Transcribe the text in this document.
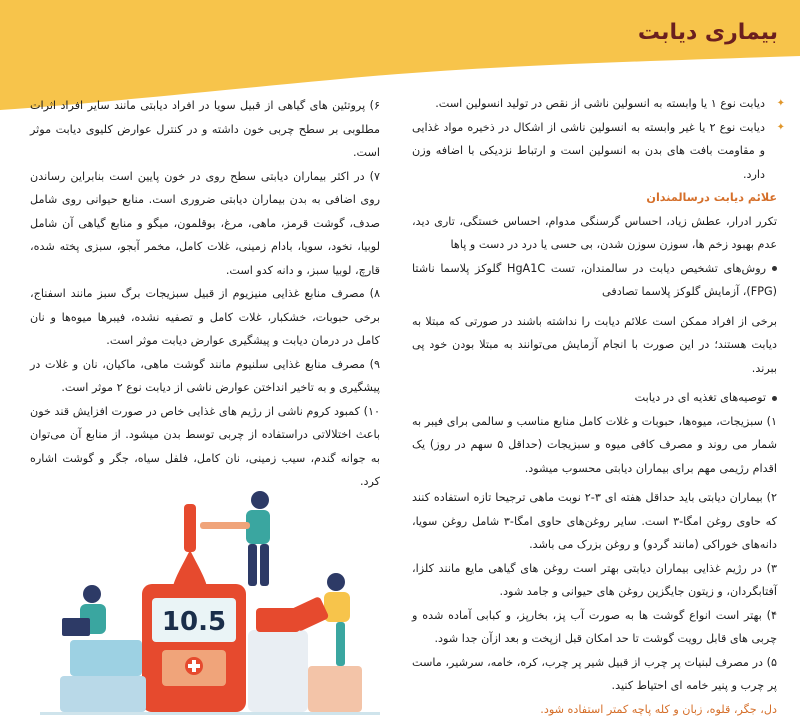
بیماری دیابت

✦
دیابت نوع ۱ یا وابسته به انسولین ناشی از نقص در تولید انسولین است.

✦
دیابت نوع ۲ یا غیر وابسته به انسولین ناشی از اشکال در ذخیره مواد غذایی و مقاومت بافت های بدن به انسولین است و ارتباط نزدیکی با اضافه وزن دارد.

علائم دیابت درسالمندان

تکرر ادرار، عطش زیاد، احساس گرسنگی مدوام، احساس خستگی، تاری دید، عدم بهبود زخم ها، سوزن سوزن شدن، بی حسی یا درد در دست و پاها

روش‌های تشخیص دیابت در سالمندان، تست HgA1C گلوکز پلاسما ناشتا (FPG)، آزمایش گلوکز پلاسما تصادفی

برخی از افراد ممکن است علائم دیابت را نداشته باشند در صورتی که مبتلا به دیابت هستند؛ در این صورت با انجام آزمایش می‌توانند به مبتلا بودن خود پی ببرند.

توصیه‌های تغذیه ای در دیابت

۱) سبزیجات، میوه‌ها، حبوبات و غلات کامل منابع مناسب و سالمی برای فیبر به شمار می روند و مصرف کافی میوه و سبزیجات (حداقل ۵ سهم در روز) یک اقدام رژیمی مهم برای بیماران دیابتی محسوب میشود.

۲) بیماران دیابتی باید حداقل هفته ای ۳-۲ نوبت ماهی ترجیحا تازه استفاده کنند که حاوی روغن امگا-۳ است. سایر روغن‌های حاوی امگا-۳ شامل روغن سویا، دانه‌های خوراکی (مانند گردو) و روغن بزرک می باشد.

۳) در رژیم غذایی بیماران دیابتی بهتر است روغن های گیاهی مایع مانند کلزا، آفتابگردان، و زیتون جایگزین روغن های حیوانی و جامد شود.

۴) بهتر است انواع گوشت ها به صورت آب پز، بخارپز، و کبابی آماده شده و چربی های قابل رویت گوشت تا حد امکان قبل ازپخت و بعد ازآن جدا شود.

۵) در مصرف لبنیات پر چرب از قبیل شیر پر چرب، کره، خامه، سرشیر، ماست پر چرب و پنیر خامه ای احتیاط کنید.

دل، جگر، قلوه، زبان و کله پاچه کمتر استفاده شود.

۶) پروتئین های گیاهی از قبیل سویا در افراد دیابتی مانند سایر افراد اثرات مطلوبی بر سطح چربی خون داشته و در کنترل عوارض کلیوی دیابت موثر است.

۷) در اکثر بیماران دیابتی سطح روی در خون پایین است بنابراین رساندن روی اضافی به بدن بیماران دیابتی ضروری است. منابع حیوانی روی شامل صدف، گوشت قرمز، ماهی، مرغ، بوقلمون، میگو و منابع گیاهی آن شامل لوبیا، نخود، سویا، بادام زمینی، غلات کامل، مخمر آبجو، سبزی پخته شده، قارچ، لوبیا سبز، و دانه کدو است.

۸) مصرف منابع غذایی منیزیوم از قبیل سبزیجات برگ سبز مانند اسفناج، برخی حبوبات، خشکبار، غلات کامل و تصفیه نشده، فیبرها میوه‌ها و نان کامل در درمان دیابت و پیشگیری عوارض دیابت موثر است.

۹) مصرف منابع غذایی سلنیوم مانند گوشت ماهی، ماکیان، نان و غلات در پیشگیری و به تاخیر انداختن عوارض ناشی از دیابت نوع ۲ موثر است.

۱۰) کمبود کروم ناشی از رژیم های غذایی خاص در صورت افزایش قند خون باعث اختلالاتی دراستفاده از چربی توسط بدن میشود. از منابع آن می‌توان به جوانه گندم، سیب زمینی، نان کامل، فلفل سیاه، جگر و گوشت اشاره کرد.

10.5
